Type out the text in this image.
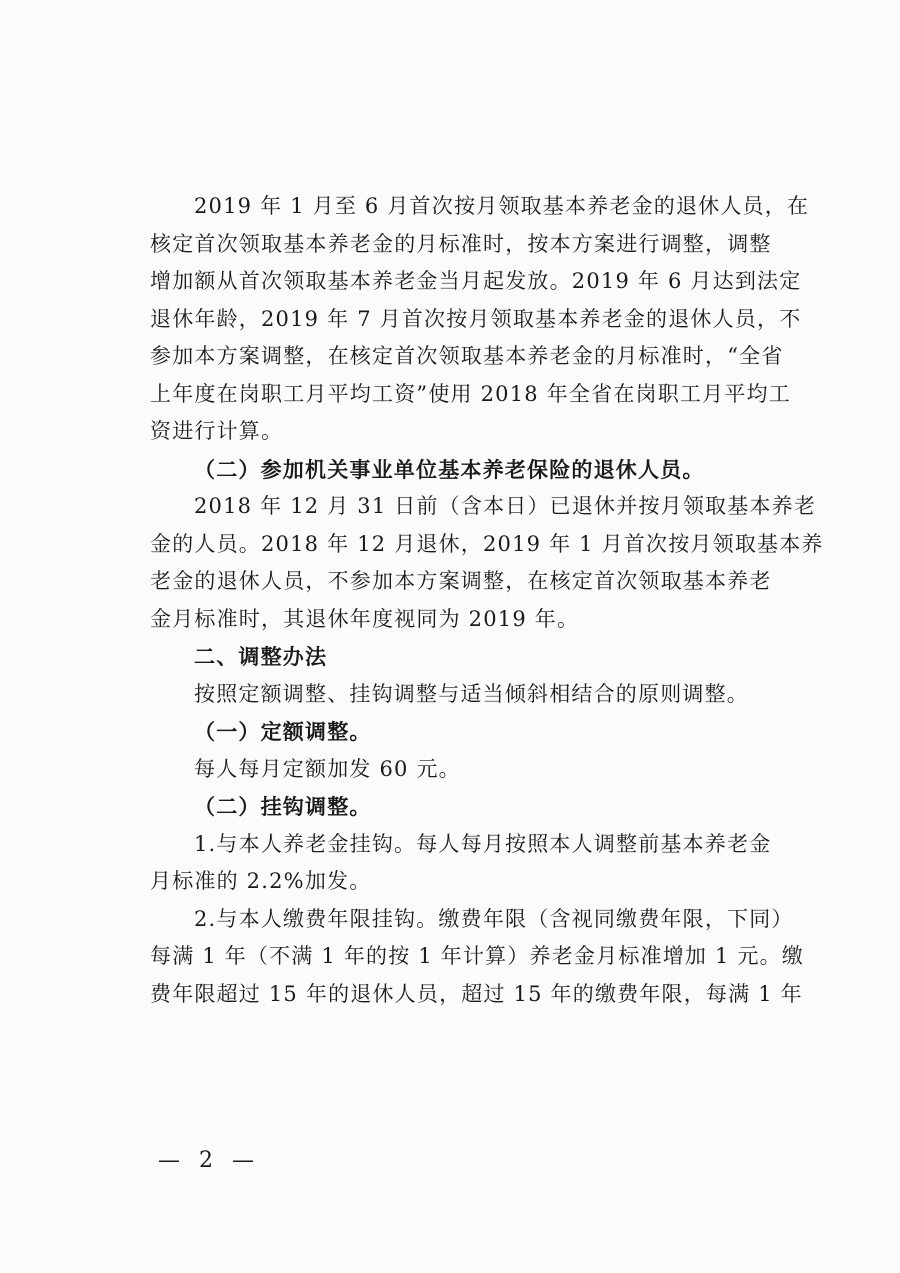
2019 年 1 月至 6 月首次按月领取基本养老金的退休人员，在
核定首次领取基本养老金的月标准时，按本方案进行调整，调整
增加额从首次领取基本养老金当月起发放。2019 年 6 月达到法定
退休年龄，2019 年 7 月首次按月领取基本养老金的退休人员，不
参加本方案调整，在核定首次领取基本养老金的月标准时，“全省
上年度在岗职工月平均工资”使用 2018 年全省在岗职工月平均工
资进行计算。
（二）参加机关事业单位基本养老保险的退休人员。
2018 年 12 月 31 日前（含本日）已退休并按月领取基本养老
金的人员。2018 年 12 月退休，2019 年 1 月首次按月领取基本养
老金的退休人员，不参加本方案调整，在核定首次领取基本养老
金月标准时，其退休年度视同为 2019 年。
二、调整办法
按照定额调整、挂钩调整与适当倾斜相结合的原则调整。
（一）定额调整。
每人每月定额加发 60 元。
（二）挂钩调整。
1.与本人养老金挂钩。每人每月按照本人调整前基本养老金
月标准的 2.2%加发。
2.与本人缴费年限挂钩。缴费年限（含视同缴费年限，下同）
每满 1 年（不满 1 年的按 1 年计算）养老金月标准增加 1 元。缴
费年限超过 15 年的退休人员，超过 15 年的缴费年限，每满 1 年
— 2 —
